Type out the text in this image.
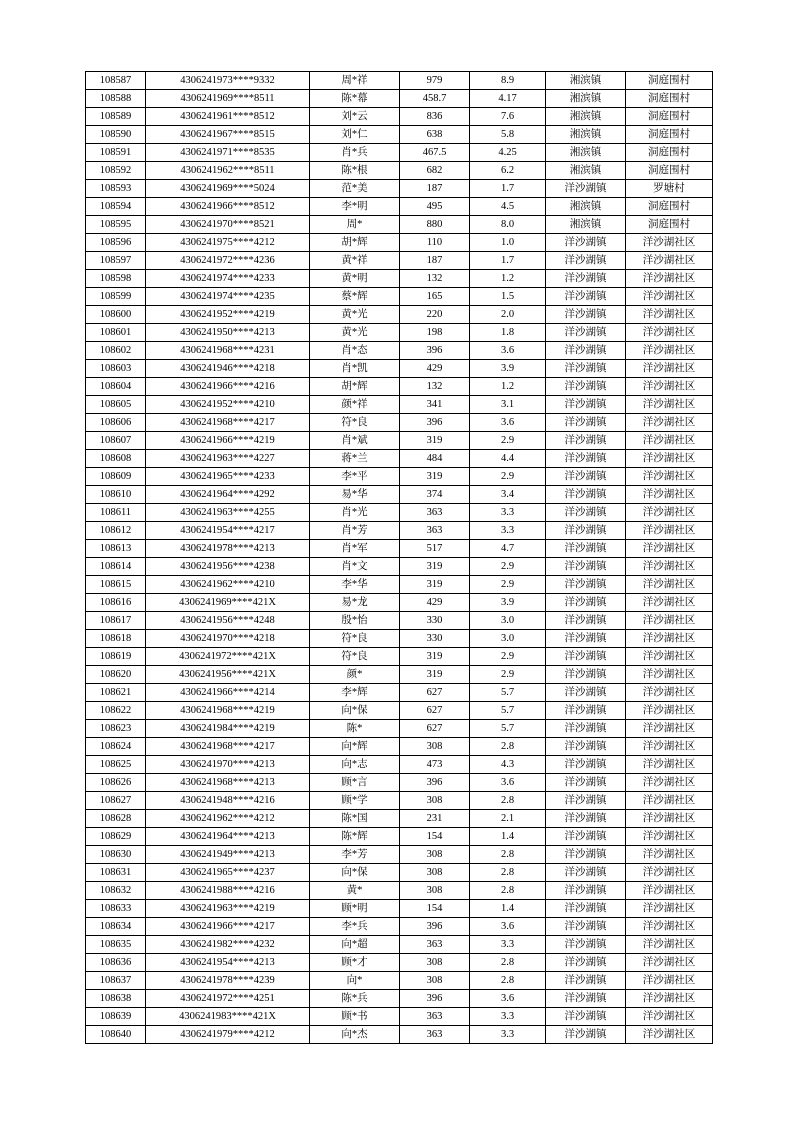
108587	4306241973****9332	周*祥	979	8.9	湘滨镇	洞庭围村
108588	4306241969****8511	陈*幕	458.7	4.17	湘滨镇	洞庭围村
108589	4306241961****8512	刘*云	836	7.6	湘滨镇	洞庭围村
108590	4306241967****8515	刘*仁	638	5.8	湘滨镇	洞庭围村
108591	4306241971****8535	肖*兵	467.5	4.25	湘滨镇	洞庭围村
108592	4306241962****8511	陈*根	682	6.2	湘滨镇	洞庭围村
108593	4306241969****5024	范*美	187	1.7	洋沙湖镇	罗塘村
108594	4306241966****8512	李*明	495	4.5	湘滨镇	洞庭围村
108595	4306241970****8521	周*	880	8.0	湘滨镇	洞庭围村
108596	4306241975****4212	胡*辉	110	1.0	洋沙湖镇	洋沙湖社区
108597	4306241972****4236	黄*祥	187	1.7	洋沙湖镇	洋沙湖社区
108598	4306241974****4233	黄*明	132	1.2	洋沙湖镇	洋沙湖社区
108599	4306241974****4235	蔡*辉	165	1.5	洋沙湖镇	洋沙湖社区
108600	4306241952****4219	黄*光	220	2.0	洋沙湖镇	洋沙湖社区
108601	4306241950****4213	黄*光	198	1.8	洋沙湖镇	洋沙湖社区
108602	4306241968****4231	肖*态	396	3.6	洋沙湖镇	洋沙湖社区
108603	4306241946****4218	肖*凯	429	3.9	洋沙湖镇	洋沙湖社区
108604	4306241966****4216	胡*辉	132	1.2	洋沙湖镇	洋沙湖社区
108605	4306241952****4210	颜*祥	341	3.1	洋沙湖镇	洋沙湖社区
108606	4306241968****4217	符*良	396	3.6	洋沙湖镇	洋沙湖社区
108607	4306241966****4219	肖*斌	319	2.9	洋沙湖镇	洋沙湖社区
108608	4306241963****4227	蒋*兰	484	4.4	洋沙湖镇	洋沙湖社区
108609	4306241965****4233	李*平	319	2.9	洋沙湖镇	洋沙湖社区
108610	4306241964****4292	易*华	374	3.4	洋沙湖镇	洋沙湖社区
108611	4306241963****4255	肖*光	363	3.3	洋沙湖镇	洋沙湖社区
108612	4306241954****4217	肖*芳	363	3.3	洋沙湖镇	洋沙湖社区
108613	4306241978****4213	肖*军	517	4.7	洋沙湖镇	洋沙湖社区
108614	4306241956****4238	肖*文	319	2.9	洋沙湖镇	洋沙湖社区
108615	4306241962****4210	李*华	319	2.9	洋沙湖镇	洋沙湖社区
108616	4306241969****421X	易*龙	429	3.9	洋沙湖镇	洋沙湖社区
108617	4306241956****4248	殷*怡	330	3.0	洋沙湖镇	洋沙湖社区
108618	4306241970****4218	符*良	330	3.0	洋沙湖镇	洋沙湖社区
108619	4306241972****421X	符*良	319	2.9	洋沙湖镇	洋沙湖社区
108620	4306241956****421X	颜*	319	2.9	洋沙湖镇	洋沙湖社区
108621	4306241966****4214	李*辉	627	5.7	洋沙湖镇	洋沙湖社区
108622	4306241968****4219	向*保	627	5.7	洋沙湖镇	洋沙湖社区
108623	4306241984****4219	陈*	627	5.7	洋沙湖镇	洋沙湖社区
108624	4306241968****4217	向*辉	308	2.8	洋沙湖镇	洋沙湖社区
108625	4306241970****4213	向*志	473	4.3	洋沙湖镇	洋沙湖社区
108626	4306241968****4213	顾*言	396	3.6	洋沙湖镇	洋沙湖社区
108627	4306241948****4216	顾*学	308	2.8	洋沙湖镇	洋沙湖社区
108628	4306241962****4212	陈*国	231	2.1	洋沙湖镇	洋沙湖社区
108629	4306241964****4213	陈*辉	154	1.4	洋沙湖镇	洋沙湖社区
108630	4306241949****4213	李*芳	308	2.8	洋沙湖镇	洋沙湖社区
108631	4306241965****4237	向*保	308	2.8	洋沙湖镇	洋沙湖社区
108632	4306241988****4216	黄*	308	2.8	洋沙湖镇	洋沙湖社区
108633	4306241963****4219	顾*明	154	1.4	洋沙湖镇	洋沙湖社区
108634	4306241966****4217	李*兵	396	3.6	洋沙湖镇	洋沙湖社区
108635	4306241982****4232	向*超	363	3.3	洋沙湖镇	洋沙湖社区
108636	4306241954****4213	顾*才	308	2.8	洋沙湖镇	洋沙湖社区
108637	4306241978****4239	向*	308	2.8	洋沙湖镇	洋沙湖社区
108638	4306241972****4251	陈*兵	396	3.6	洋沙湖镇	洋沙湖社区
108639	4306241983****421X	顾*书	363	3.3	洋沙湖镇	洋沙湖社区
108640	4306241979****4212	向*杰	363	3.3	洋沙湖镇	洋沙湖社区
